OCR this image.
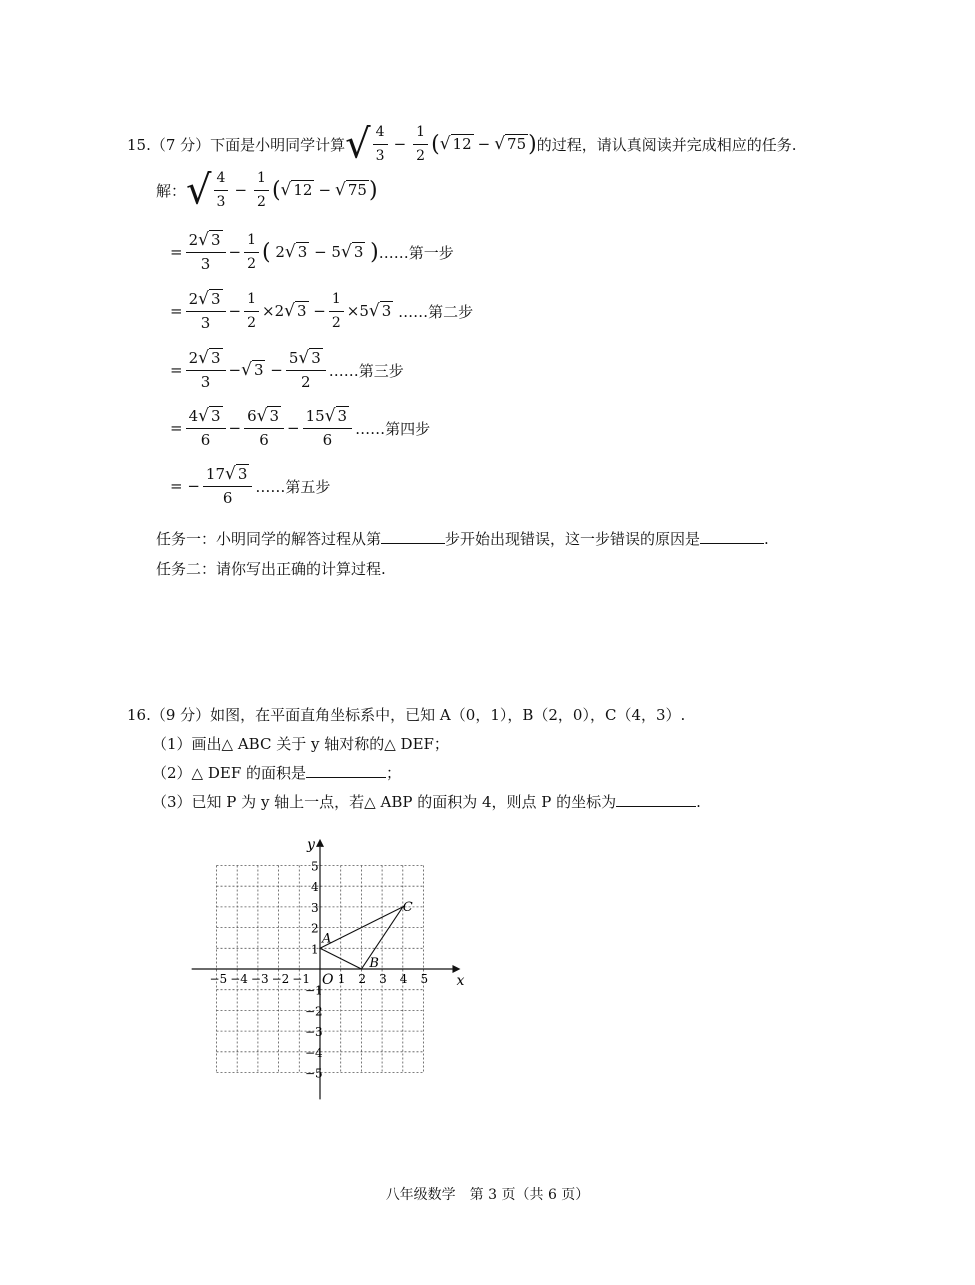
15.（7 分）下面是小明同学计算 √ $\frac{4}{3} - \frac{1}{2}$ ( √ 12 − √ 75 ) 的过程，请认真阅读并完成相应的任务.
解： √ $\frac{4}{3} - \frac{1}{2}$ ( √ 12 − √ 75 )
= $\frac{2√ 3}{3} - \frac{1}{2}$ ( 2√ 3 − 5√ 3 ) ……第一步
= $\frac{2√ 3}{3} - \frac{1}{2} \times 2√$ $3 - \frac{1}{2} \times 5√$ 3 ……第二步
= $\frac{2√ 3}{3}$ −√ $3 - \frac{5√ 3}{2}$ ……第三步
= $\frac{4√ 3}{6} - \frac{6√ 3}{6} - \frac{15√ 3}{6}$ ……第四步
= − $\frac{17√ 3}{6}$ ……第五步
任务一：小明同学的解答过程从第	步开始出现错误，这一步错误的原因是	.
任务二：请你写出正确的计算过程.
16.（9 分）如图，在平面直角坐标系中，已知 A（0，1），B（2，0），C（4，3）.
（1）画出△ ABC 关于 y 轴对称的△ DEF；
（2）△ DEF 的面积是	；
（3）已知 P 为 y 轴上一点，若△ ABP 的面积为 4，则点 P 的坐标为	.
x
y
O
−5 −4 −3 −2 −1 1 2 3 4 5
5
4
3
2
1
−1
−2
−3
−4
−5
A
B
C
八年级数学　第 3 页（共 6 页）
